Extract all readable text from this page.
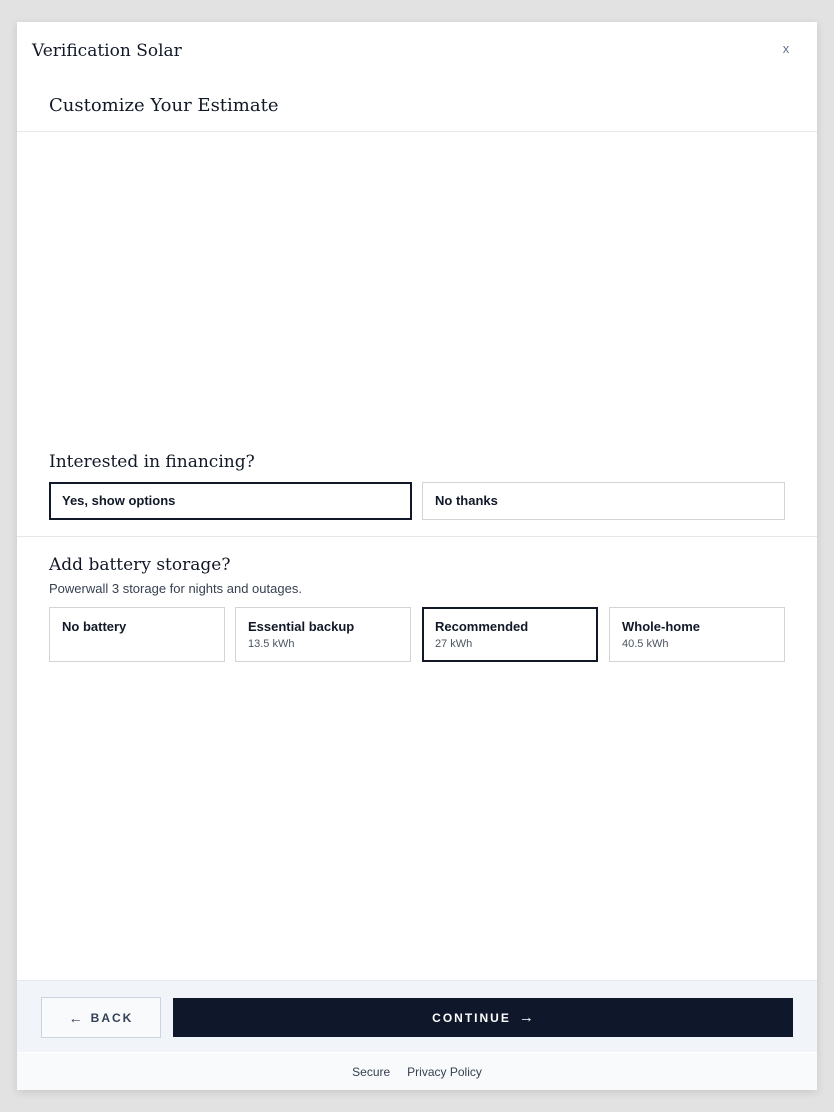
Verification Solar	x
Customize Your Estimate
Interested in financing?
Yes, show options	No thanks
Add battery storage?
Powerwall 3 storage for nights and outages.
No battery	Essential backup
13.5 kWh
Recommended
27 kWh
Whole-home
40.5 kWh
← BACK	CONTINUE →
Secure Privacy Policy
